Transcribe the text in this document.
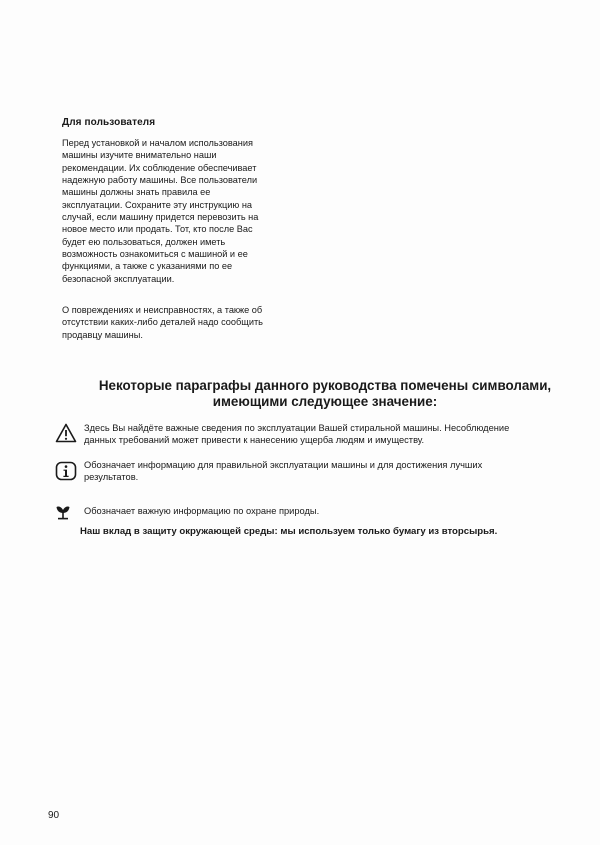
Для пользователя

Перед установкой и началом использования
машины изучите внимательно наши
рекомендации. Их соблюдение обеспечивает
надежную работу машины. Все пользователи
машины должны знать правила ее
эксплуатации. Сохраните эту инструкцию на
случай, если машину придется перевозить на
новое место или продать. Тот, кто после Вас
будет ею пользоваться, должен иметь
возможность ознакомиться с машиной и ее
функциями, а также с указаниями по ее
безопасной эксплуатации.

О повреждениях и неисправностях, а также об
отсутствии каких-либо деталей надо сообщить
продавцу машины.

Некоторые параграфы данного руководства помечены символами,
имеющими следующее значение:
Здесь Вы найдёте важные сведения по эксплуатации Вашей стиральной машины. Несоблюдение
данных требований может привести к нанесению ущерба людям и имуществу.
Обозначает информацию для правильной эксплуатации машины и для достижения лучших
результатов.
Обозначает важную информацию по охране природы.
Наш вклад в защиту окружающей среды: мы используем только бумагу из вторсырья.
90
